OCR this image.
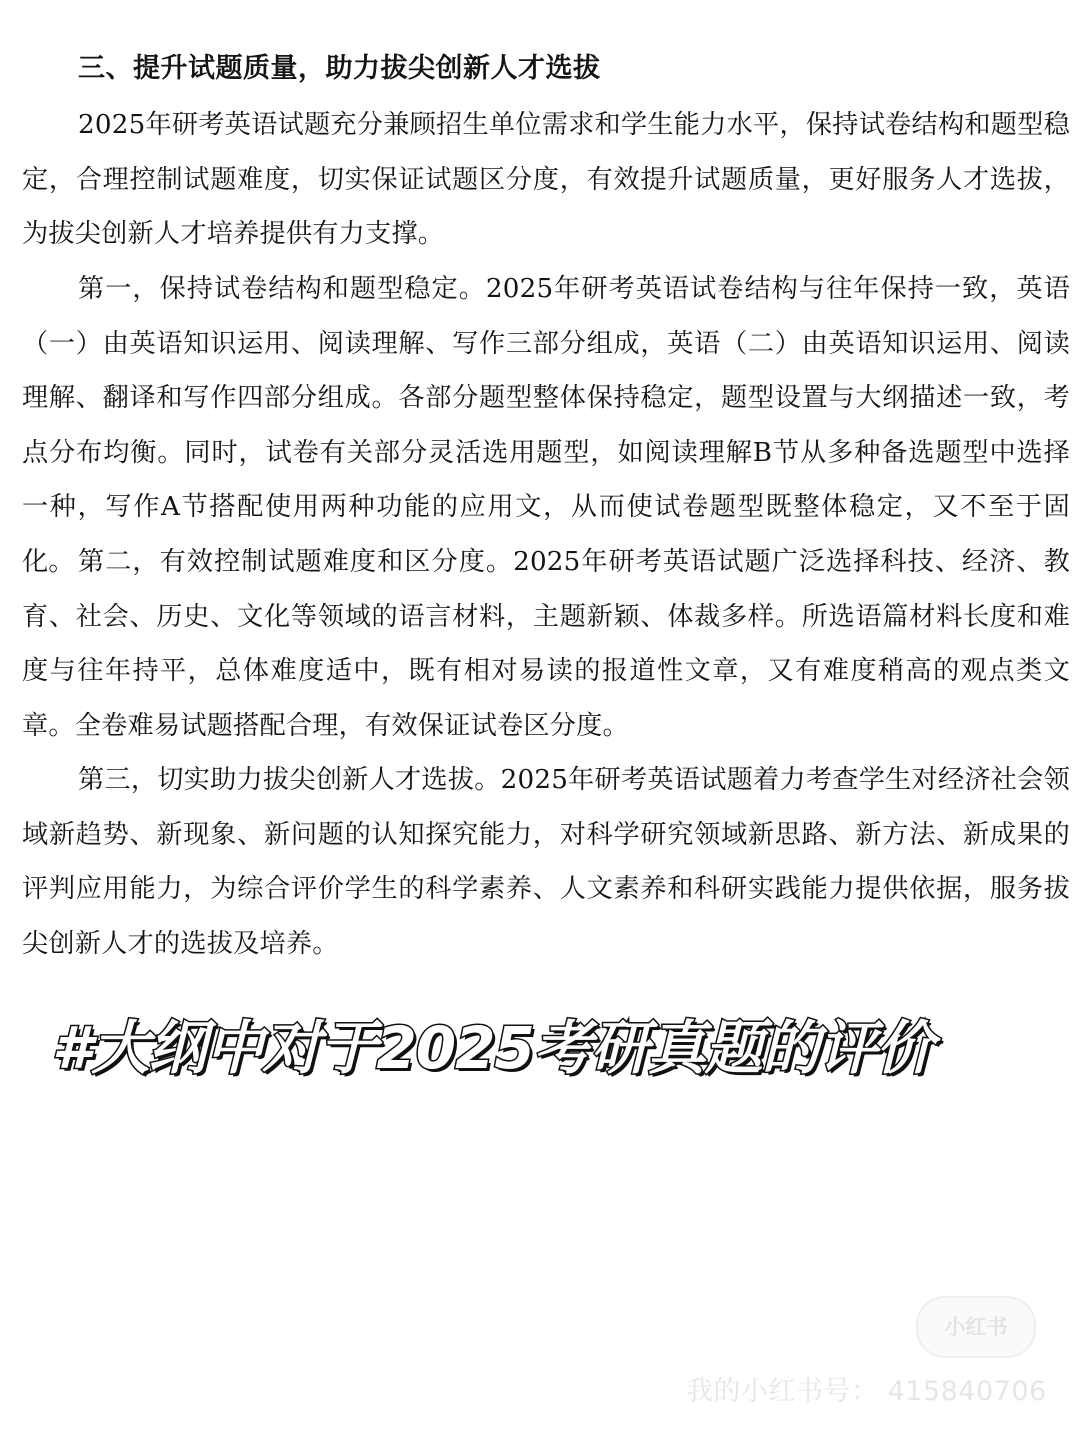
三、提升试题质量，助力拔尖创新人才选拔

2025年研考英语试题充分兼顾招生单位需求和学生能力水平，保持试卷结构和题型稳定，合理控制试题难度，切实保证试题区分度，有效提升试题质量，更好服务人才选拔，为拔尖创新人才培养提供有力支撑。

第一，保持试卷结构和题型稳定。2025年研考英语试卷结构与往年保持一致，英语（一）由英语知识运用、阅读理解、写作三部分组成，英语（二）由英语知识运用、阅读理解、翻译和写作四部分组成。各部分题型整体保持稳定，题型设置与大纲描述一致，考点分布均衡。同时，试卷有关部分灵活选用题型，如阅读理解B节从多种备选题型中选择一种，写作A节搭配使用两种功能的应用文，从而使试卷题型既整体稳定，又不至于固化。 第二，有效控制试题难度和区分度。2025年研考英语试题广泛选择科技、经济、教育、社会、历史、文化等领域的语言材料，主题新颖、体裁多样。所选语篇材料长度和难度与往年持平，总体难度适中，既有相对易读的报道性文章，又有难度稍高的观点类文章。全卷难易试题搭配合理，有效保证试卷区分度。

第三，切实助力拔尖创新人才选拔。2025年研考英语试题着力考查学生对经济社会领域新趋势、新现象、新问题的认知探究能力，对科学研究领域新思路、新方法、新成果的评判应用能力，为综合评价学生的科学素养、人文素养和科研实践能力提供依据，服务拔尖创新人才的选拔及培养。

#大纲中对于2025考研真题的评价
小红书
我的小红书号： 415840706
